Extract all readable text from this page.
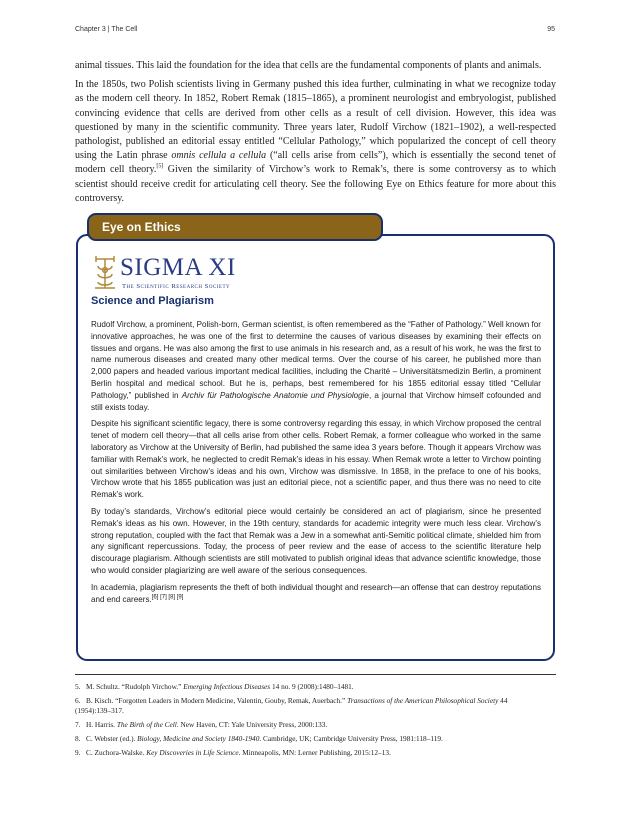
Chapter 3 | The Cell	95

animal tissues. This laid the foundation for the idea that cells are the fundamental components of plants and animals.

In the 1850s, two Polish scientists living in Germany pushed this idea further, culminating in what we recognize today as the modern cell theory. In 1852, Robert Remak (1815–1865), a prominent neurologist and embryologist, published convincing evidence that cells are derived from other cells as a result of cell division. However, this idea was questioned by many in the scientific community. Three years later, Rudolf Virchow (1821–1902), a well-respected pathologist, published an editorial essay entitled “Cellular Pathology,” which popularized the concept of cell theory using the Latin phrase omnis cellula a cellula (“all cells arise from cells”), which is essentially the second tenet of modern cell theory.[5] Given the similarity of Virchow’s work to Remak’s, there is some controversy as to which scientist should receive credit for articulating cell theory. See the following Eye on Ethics feature for more about this controversy.

Eye on Ethics
SIGMA XI
The Scientific Research Society
Science and Plagiarism

Rudolf Virchow, a prominent, Polish-born, German scientist, is often remembered as the “Father of Pathology.” Well known for innovative approaches, he was one of the first to determine the causes of various diseases by examining their effects on tissues and organs. He was also among the first to use animals in his research and, as a result of his work, he was the first to name numerous diseases and created many other medical terms. Over the course of his career, he published more than 2,000 papers and headed various important medical facilities, including the Charité – Universitätsmedizin Berlin, a prominent Berlin hospital and medical school. But he is, perhaps, best remembered for his 1855 editorial essay titled “Cellular Pathology,” published in Archiv für Pathologische Anatomie und Physiologie, a journal that Virchow himself cofounded and still exists today.

Despite his significant scientific legacy, there is some controversy regarding this essay, in which Virchow proposed the central tenet of modern cell theory—that all cells arise from other cells. Robert Remak, a former colleague who worked in the same laboratory as Virchow at the University of Berlin, had published the same idea 3 years before. Though it appears Virchow was familiar with Remak’s work, he neglected to credit Remak’s ideas in his essay. When Remak wrote a letter to Virchow pointing out similarities between Virchow’s ideas and his own, Virchow was dismissive. In 1858, in the preface to one of his books, Virchow wrote that his 1855 publication was just an editorial piece, not a scientific paper, and thus there was no need to cite Remak’s work.

By today’s standards, Virchow’s editorial piece would certainly be considered an act of plagiarism, since he presented Remak’s ideas as his own. However, in the 19th century, standards for academic integrity were much less clear. Virchow’s strong reputation, coupled with the fact that Remak was a Jew in a somewhat anti-Semitic political climate, shielded him from any significant repercussions. Today, the process of peer review and the ease of access to the scientific literature help discourage plagiarism. Although scientists are still motivated to publish original ideas that advance scientific knowledge, those who would consider plagiarizing are well aware of the serious consequences.

In academia, plagiarism represents the theft of both individual thought and research—an offense that can destroy reputations and end careers.[6] [7] [8] [9]

5. M. Schultz. “Rudolph Virchow.” Emerging Infectious Diseases 14 no. 9 (2008):1480–1481.
6. B. Kisch. “Forgotten Leaders in Modern Medicine, Valentin, Gouby, Remak, Auerbach.” Transactions of the American Philosophical Society 44 (1954):139–317.
7. H. Harris. The Birth of the Cell. New Haven, CT: Yale University Press, 2000:133.
8. C. Webster (ed.). Biology, Medicine and Society 1840-1940. Cambridge, UK; Cambridge University Press, 1981:118–119.
9. C. Zuchora-Walske. Key Discoveries in Life Science. Minneapolis, MN: Lerner Publishing, 2015:12–13.
